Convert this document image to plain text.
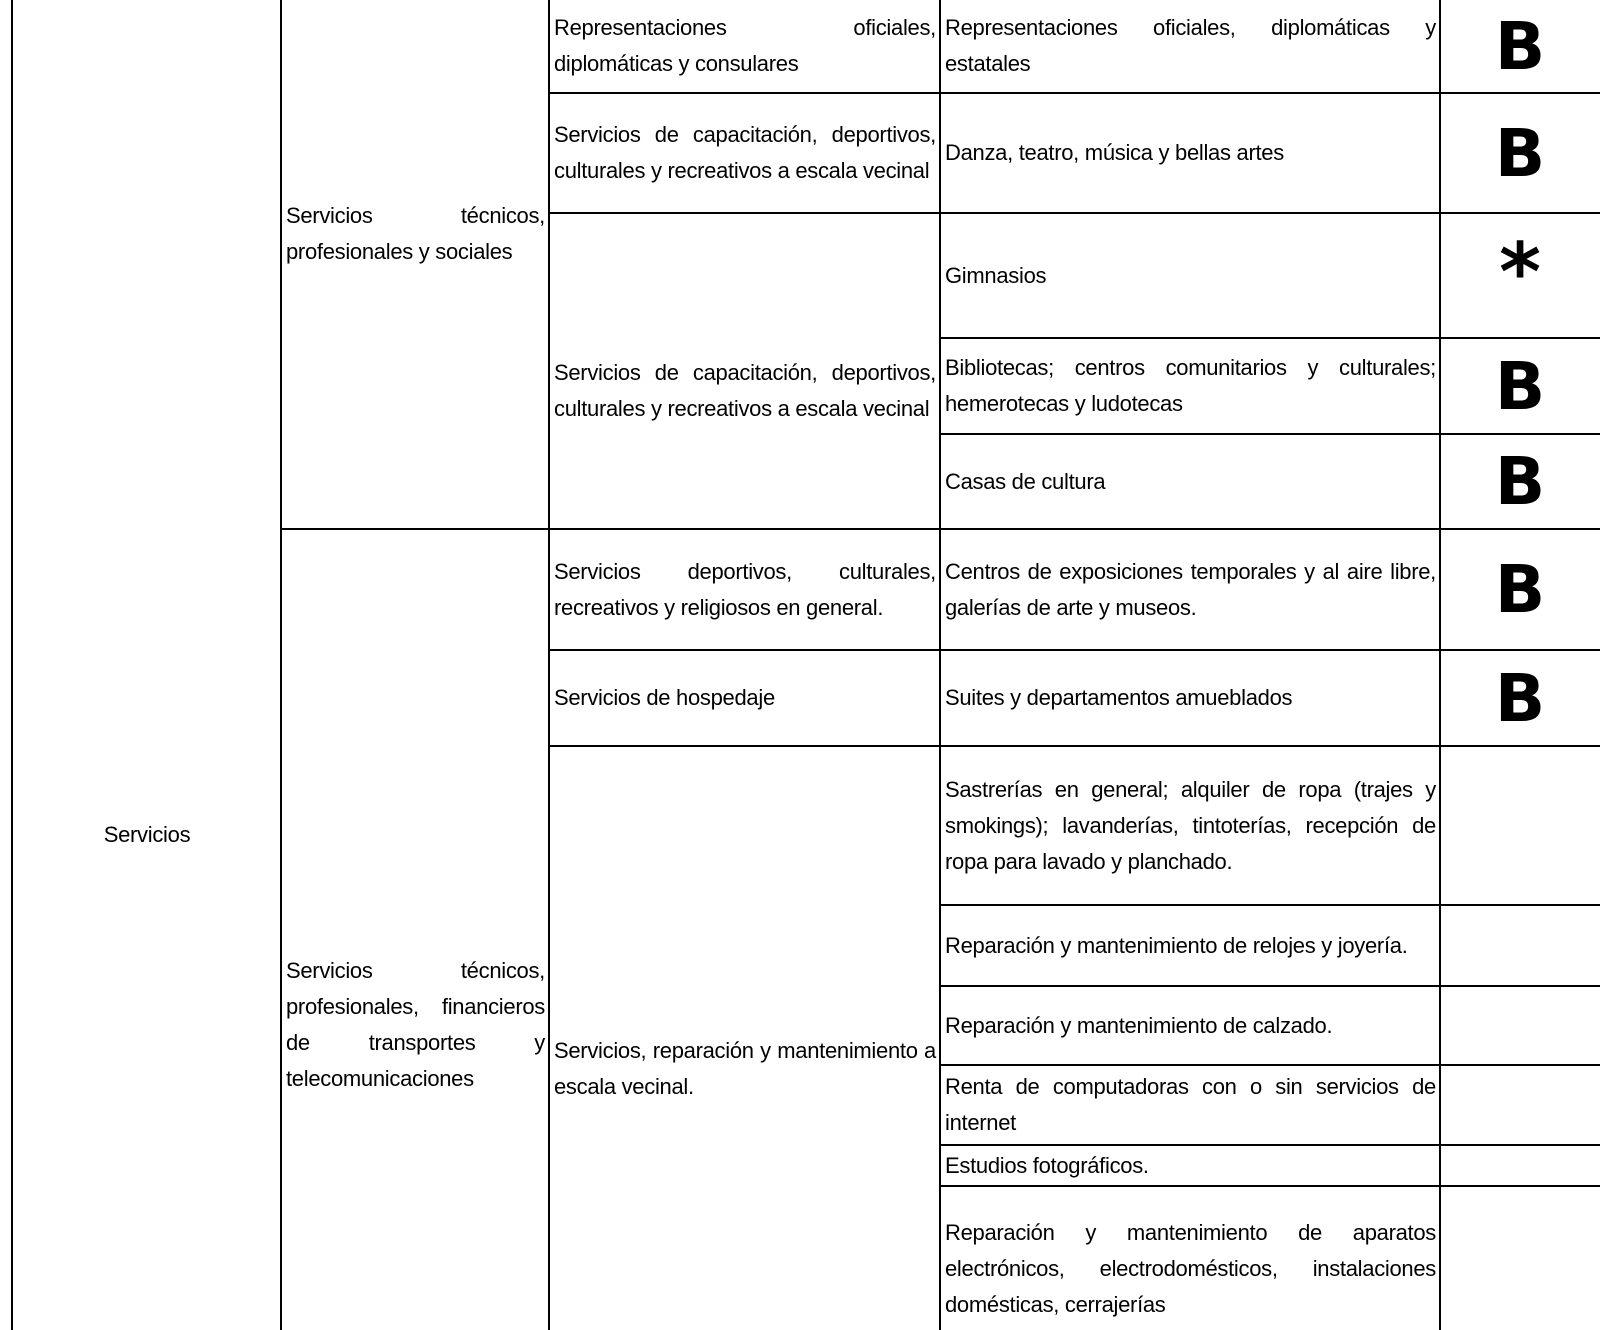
Servicios
Servicios técnicos, profesionales y sociales
Servicios técnicos, profesionales, financieros de transportes y telecomunicaciones
Representaciones oficiales, diplomáticas y consulares
Servicios de capacitación, deportivos, culturales y recreativos a escala vecinal
Servicios de capacitación, deportivos, culturales y recreativos a escala vecinal
Servicios deportivos, culturales, recreativos y religiosos en general.
Servicios de hospedaje
Servicios, reparación y mantenimiento a escala vecinal.
Representaciones oficiales, diplomáticas y estatales
Danza, teatro, música y bellas artes
Gimnasios
Bibliotecas; centros comunitarios y culturales; hemerotecas y ludotecas
Casas de cultura
Centros de exposiciones temporales y al aire libre, galerías de arte y museos.
Suites y departamentos amueblados
Sastrerías en general; alquiler de ropa (trajes y smokings); lavanderías, tintoterías, recepción de ropa para lavado y planchado.
Reparación y mantenimiento de relojes y joyería.
Reparación y mantenimiento de calzado.
Renta de computadoras con o sin servicios de internet
Estudios fotográficos.
Reparación y mantenimiento de aparatos electrónicos, electrodomésticos, instalaciones domésticas, cerrajerías
B
B
*
B
B
B
B
